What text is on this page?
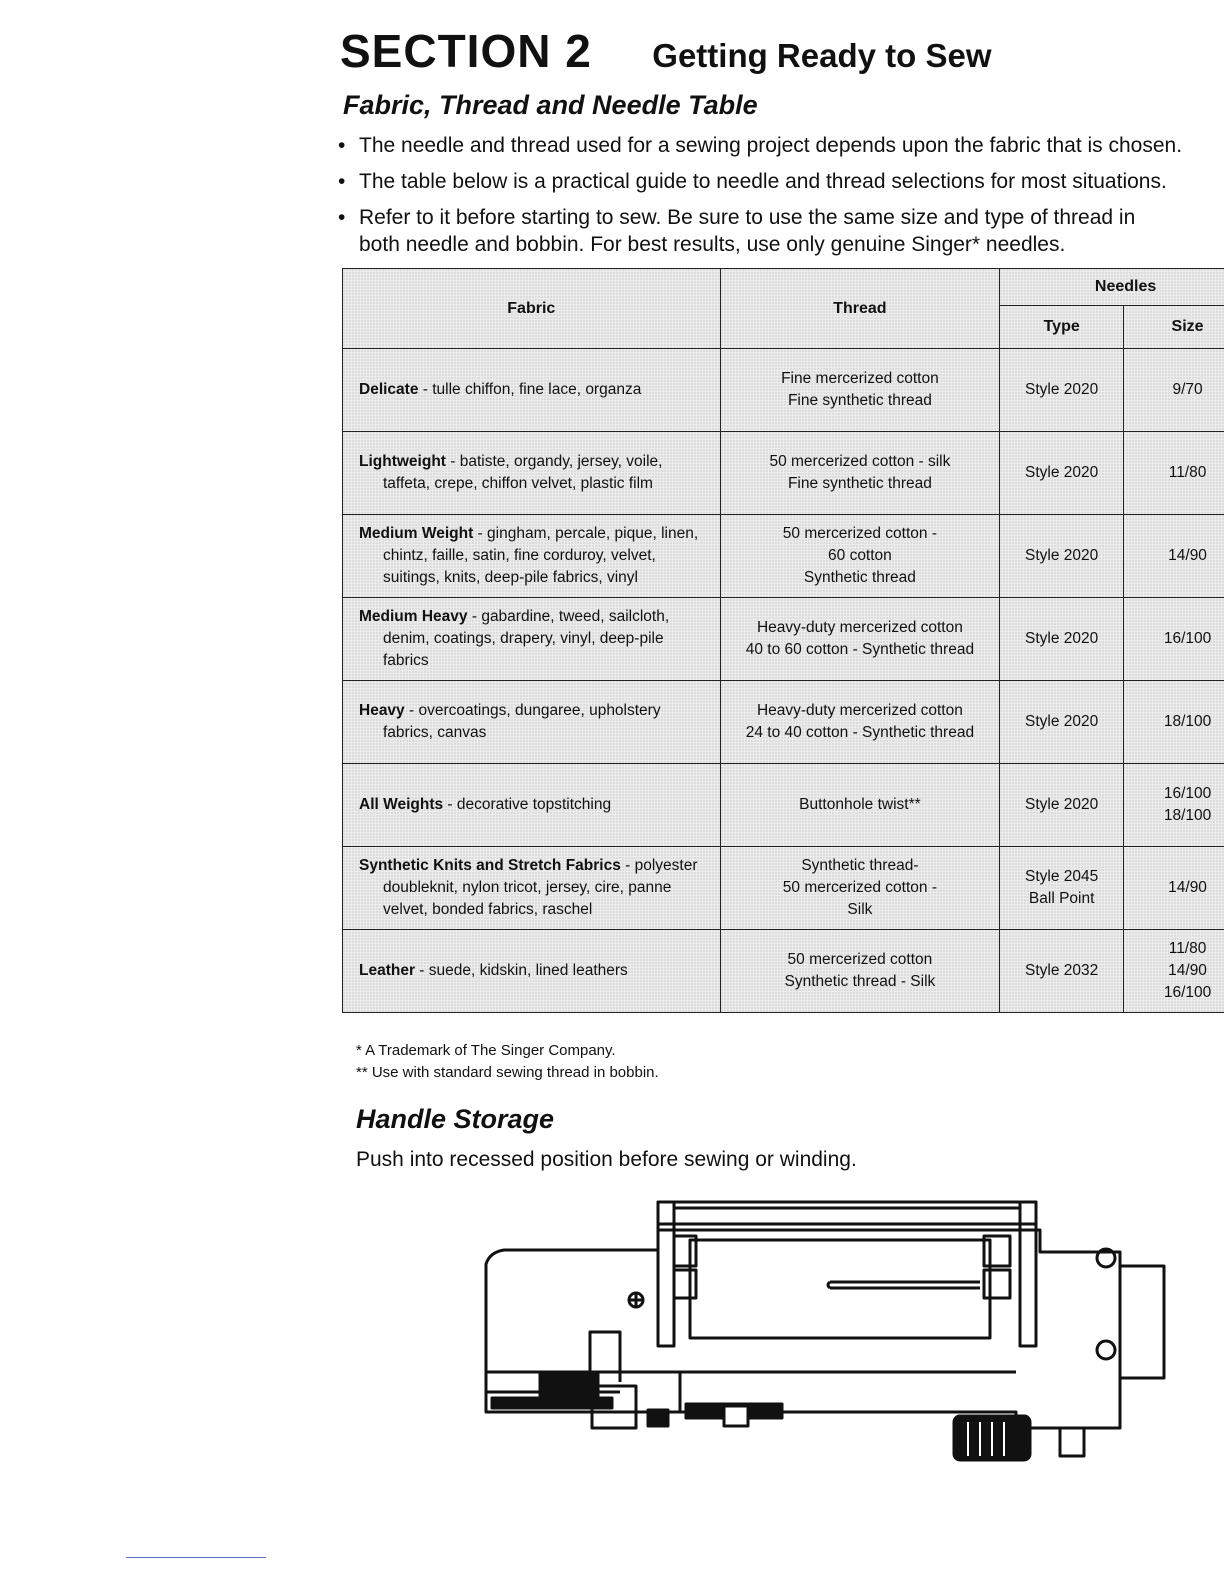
SECTION 2 Getting Ready to Sew
Fabric, Thread and Needle Table
• The needle and thread used for a sewing project depends upon the fabric that is chosen.
• The table below is a practical guide to needle and thread selections for most situations.
• Refer to it before starting to sew. Be sure to use the same size and type of thread in
both needle and bobbin. For best results, use only genuine Singer* needles.
Fabric	Thread	Needles	
		Type	Size

Delicate - tulle chiffon, fine lace, organza	Fine mercerized cotton
Fine synthetic thread	Style 2020	9/70

Lightweight - batiste, organdy, jersey, voile, taffeta, crepe, chiffon velvet, plastic film	50 mercerized cotton - silk
Fine synthetic thread	Style 2020	11/80

Medium Weight - gingham, percale, pique, linen, chintz, faille, satin, fine corduroy, velvet, suitings, knits, deep-pile fabrics, vinyl	50 mercerized cotton -
60 cotton
Synthetic thread	Style 2020	14/90

Medium Heavy - gabardine, tweed, sailcloth, denim, coatings, drapery, vinyl, deep-pile fabrics	Heavy-duty mercerized cotton
40 to 60 cotton - Synthetic thread	Style 2020	16/100

Heavy - overcoatings, dungaree, upholstery fabrics, canvas	Heavy-duty mercerized cotton
24 to 40 cotton - Synthetic thread	Style 2020	18/100

All Weights - decorative topstitching	Buttonhole twist**	Style 2020	16/100
18/100

Synthetic Knits and Stretch Fabrics - polyester doubleknit, nylon tricot, jersey, cire, panne velvet, bonded fabrics, raschel	Synthetic thread-
50 mercerized cotton -
Silk	Style 2045
Ball Point	14/90

Leather - suede, kidskin, lined leathers	50 mercerized cotton
Synthetic thread - Silk	Style 2032	11/80
14/90
16/100
* A Trademark of The Singer Company.
** Use with standard sewing thread in bobbin.
Handle Storage
Push into recessed position before sewing or winding.
